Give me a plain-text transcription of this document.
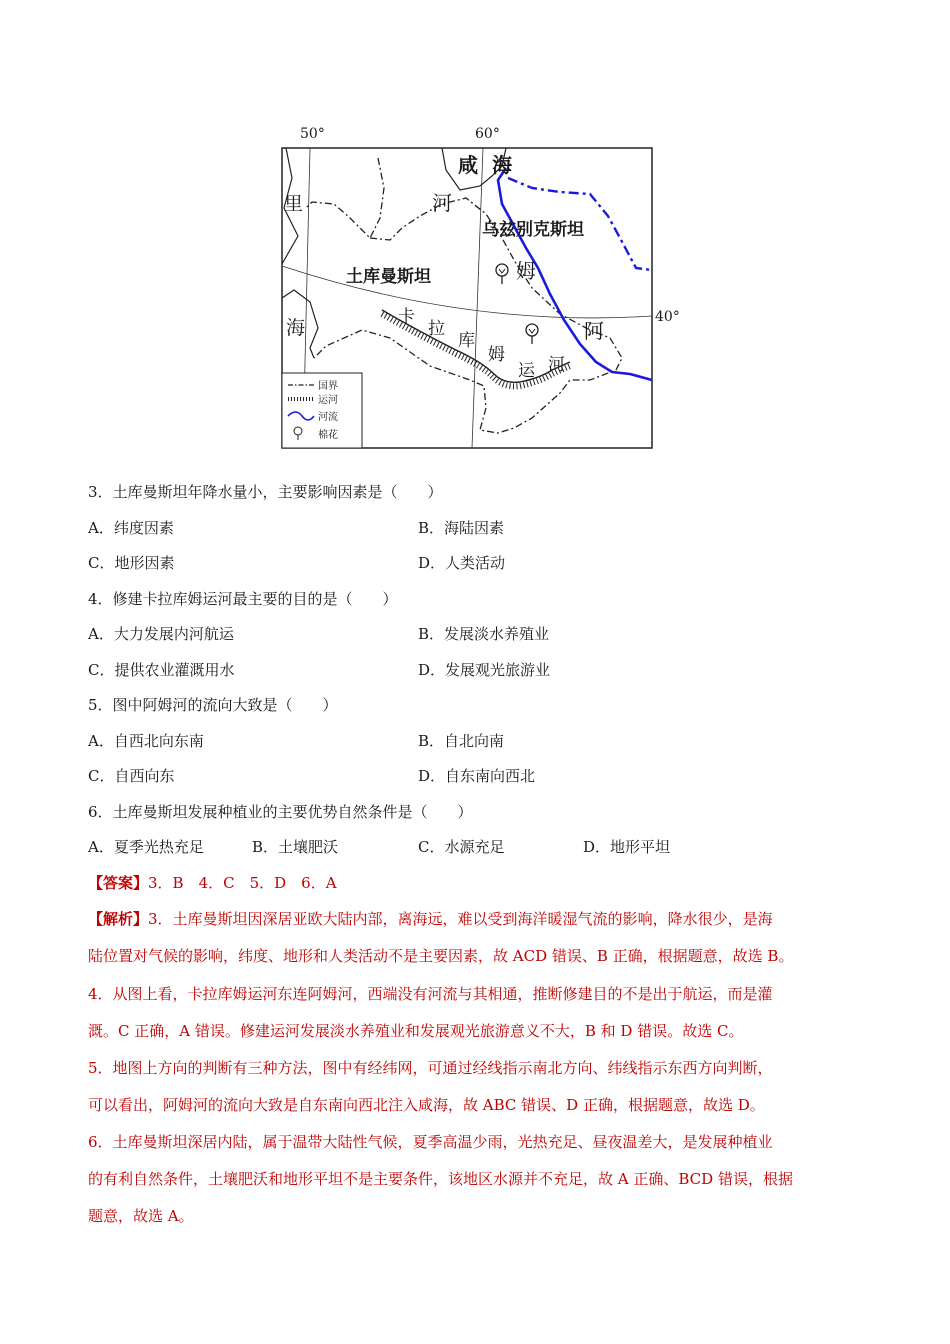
50°	60°
40°
咸 海
里	河
海
乌兹别克斯坦
土库曼斯坦	姆
阿
卡
拉
库
姆
运 河
国界
运河
河流
棉花
3．土库曼斯坦年降水量小，主要影响因素是（　　）
A．纬度因素	B．海陆因素
C．地形因素	D．人类活动
4．修建卡拉库姆运河最主要的目的是（　　）
A．大力发展内河航运	B．发展淡水养殖业
C．提供农业灌溉用水	D．发展观光旅游业
5．图中阿姆河的流向大致是（　　）
A．自西北向东南	B．自北向南
C．自西向东	D．自东南向西北
6．土库曼斯坦发展种植业的主要优势自然条件是（　　）
A．夏季光热充足	B．土壤肥沃	C．水源充足	D．地形平坦
【答案】3．B　4．C　5．D　6．A
【解析】3．土库曼斯坦因深居亚欧大陆内部，离海远，难以受到海洋暖湿气流的影响，降水很少，是海
陆位置对气候的影响，纬度、地形和人类活动不是主要因素，故 ACD 错误、B 正确，根据题意，故选 B。
4．从图上看，卡拉库姆运河东连阿姆河，西端没有河流与其相通，推断修建目的不是出于航运，而是灌
溉。C 正确，A 错误。修建运河发展淡水养殖业和发展观光旅游意义不大，B 和 D 错误。故选 C。
5．地图上方向的判断有三种方法，图中有经纬网，可通过经线指示南北方向、纬线指示东西方向判断，
可以看出，阿姆河的流向大致是自东南向西北注入咸海，故 ABC 错误、D 正确，根据题意，故选 D。
6．土库曼斯坦深居内陆，属于温带大陆性气候，夏季高温少雨，光热充足、昼夜温差大，是发展种植业
的有利自然条件，土壤肥沃和地形平坦不是主要条件，该地区水源并不充足，故 A 正确、BCD 错误，根据
题意，故选 A。
